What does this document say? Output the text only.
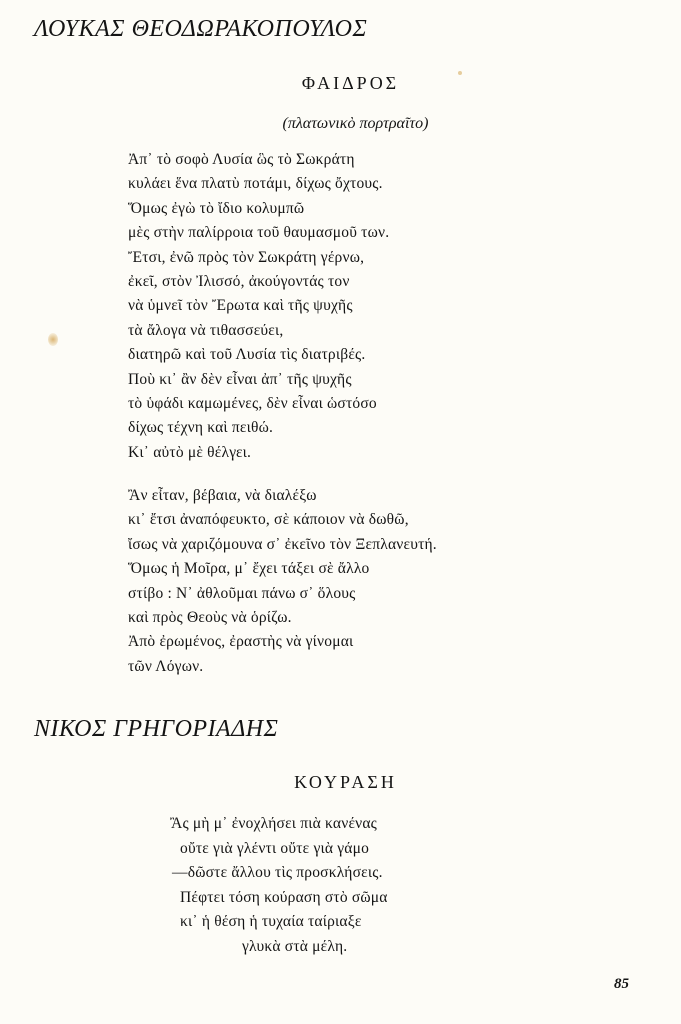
ΛΟΥΚΑΣ ΘΕΟΔΩΡΑΚΟΠΟΥΛΟΣ
ΦΑΙΔΡΟΣ
(πλατωνικὸ πορτραῖτο)
Ἀπ᾽ τὸ σοφὸ Λυσία ὣς τὸ Σωκράτη
κυλάει ἕνα πλατὺ ποτάμι, δίχως ὄχτους.
Ὅμως ἐγὼ τὸ ἴδιο κολυμπῶ
μὲς στὴν παλίρροια τοῦ θαυμασμοῦ των.
Ἔτσι, ἐνῶ πρὸς τὸν Σωκράτη γέρνω,
ἐκεῖ, στὸν Ἰλισσό, ἀκούγοντάς τον
νὰ ὑμνεῖ τὸν Ἔρωτα καὶ τῆς ψυχῆς
τὰ ἄλογα νὰ τιθασσεύει,
διατηρῶ καὶ τοῦ Λυσία τὶς διατριβές.
Ποὺ κι᾽ ἂν δὲν εἶναι ἀπ᾽ τῆς ψυχῆς
τὸ ὑφάδι καμωμένες, δὲν εἶναι ὡστόσο
δίχως τέχνη καὶ πειθώ.
Κι᾽ αὐτὸ μὲ θέλγει.
Ἂν εἶταν, βέβαια, νὰ διαλέξω
κι᾽ ἔτσι ἀναπόφευκτο, σὲ κάποιον νὰ δωθῶ,
ἴσως νὰ χαριζόμουνα σ᾽ ἐκεῖνο τὸν Ξεπλανευτή.
Ὅμως ἡ Μοῖρα, μ᾽ ἔχει τάξει σὲ ἄλλο
στίβο : Ν᾽ ἀθλοῦμαι πάνω σ᾽ ὅλους
καὶ πρὸς Θεοὺς νὰ ὁρίζω.
Ἀπὸ ἐρωμένος, ἐραστὴς νὰ γίνομαι
τῶν Λόγων.
ΝΙΚΟΣ ΓΡΗΓΟΡΙΑΔΗΣ
ΚΟΥΡΑΣΗ
Ἂς μὴ μ᾽ ἐνοχλήσει πιὰ κανένας
οὔτε γιὰ γλέντι οὔτε γιὰ γάμο
—δῶστε ἄλλου τὶς προσκλήσεις.
Πέφτει τόση κούραση στὸ σῶμα
κι᾽ ἡ θέση ἡ τυχαία ταίριαξε
γλυκὰ στὰ μέλη.
85
